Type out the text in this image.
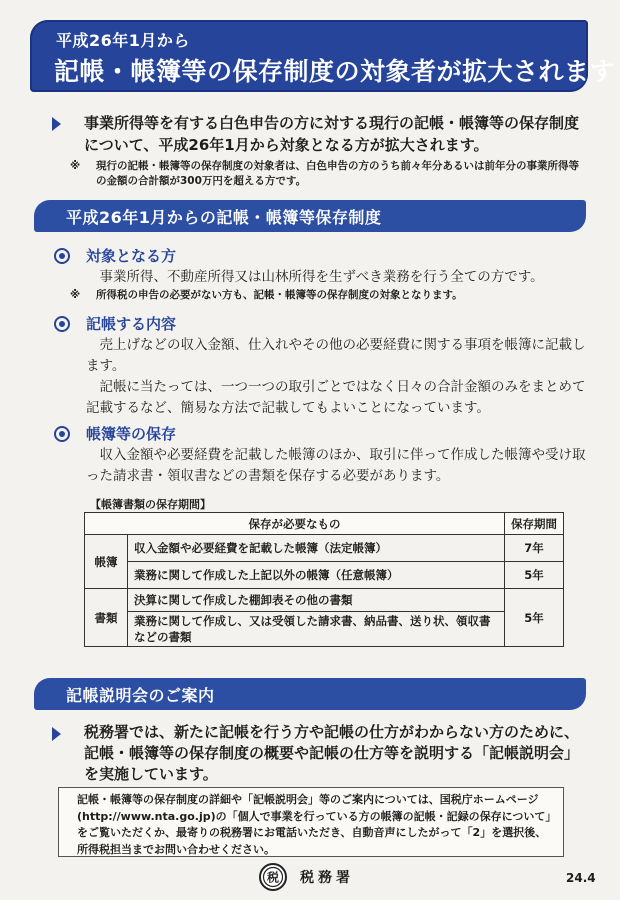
平成26年1月から
記帳・帳簿等の保存制度の対象者が拡大されます
事業所得等を有する白色申告の方に対する現行の記帳・帳簿等の保存制度について、平成26年1月から対象となる方が拡大されます。
※ 現行の記帳・帳簿等の保存制度の対象者は、白色申告の方のうち前々年分あるいは前年分の事業所得等の金額の合計額が300万円を超える方です。
平成26年1月からの記帳・帳簿等保存制度
対象となる方
事業所得、不動産所得又は山林所得を生ずべき業務を行う全ての方です。
※ 所得税の申告の必要がない方も、記帳・帳簿等の保存制度の対象となります。
記帳する内容
売上げなどの収入金額、仕入れやその他の必要経費に関する事項を帳簿に記載します。
記帳に当たっては、一つ一つの取引ごとではなく日々の合計金額のみをまとめて記載するなど、簡易な方法で記載してもよいことになっています。
帳簿等の保存
収入金額や必要経費を記載した帳簿のほか、取引に伴って作成した帳簿や受け取った請求書・領収書などの書類を保存する必要があります。
【帳簿書類の保存期間】
保存が必要なもの		保存期間
帳簿	収入金額や必要経費を記載した帳簿（法定帳簿）	7年
	業務に関して作成した上記以外の帳簿（任意帳簿）	5年
書類	決算に関して作成した棚卸表その他の書類	5年
	業務に関して作成し、又は受領した請求書、納品書、送り状、領収書などの書類	
記帳説明会のご案内
税務署では、新たに記帳を行う方や記帳の仕方がわからない方のために、記帳・帳簿等の保存制度の概要や記帳の仕方等を説明する「記帳説明会」を実施しています。
記帳・帳簿等の保存制度の詳細や「記帳説明会」等のご案内については、国税庁ホームページ(http://www.nta.go.jp)の「個人で事業を行っている方の帳簿の記帳・記録の保存について」をご覧いただくか、最寄りの税務署にお電話いただき、自動音声にしたがって「2」を選択後、所得税担当までお問い合わせください。
税 税務署	24.4
